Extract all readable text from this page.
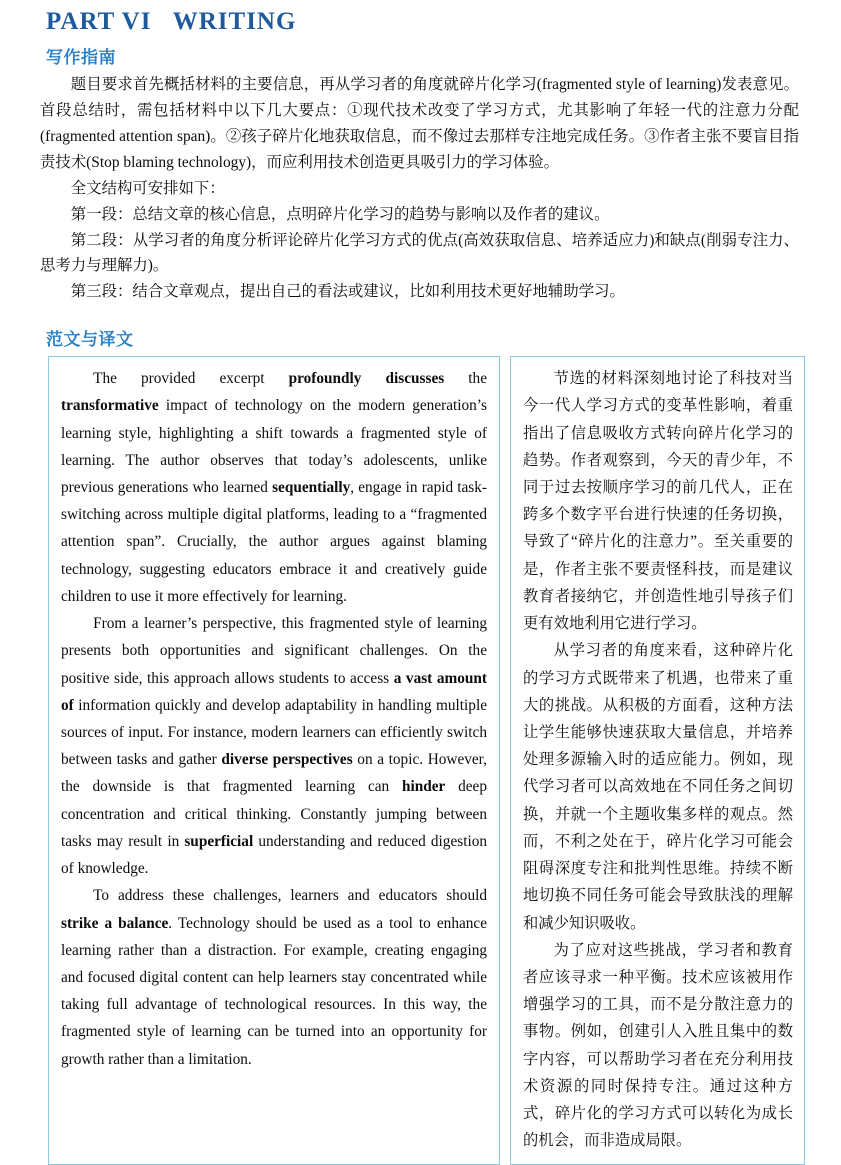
PART VI   WRITING
写作指南

题目要求首先概括材料的主要信息，再从学习者的角度就碎片化学习(fragmented style of learning)发表意见。首段总结时，需包括材料中以下几大要点：①现代技术改变了学习方式，尤其影响了年轻一代的注意力分配(fragmented attention span)。②孩子碎片化地获取信息，而不像过去那样专注地完成任务。③作者主张不要盲目指责技术(Stop blaming technology)，而应利用技术创造更具吸引力的学习体验。

全文结构可安排如下：

第一段：总结文章的核心信息，点明碎片化学习的趋势与影响以及作者的建议。

第二段：从学习者的角度分析评论碎片化学习方式的优点(高效获取信息、培养适应力)和缺点(削弱专注力、思考力与理解力)。

第三段：结合文章观点，提出自己的看法或建议，比如利用技术更好地辅助学习。

范文与译文

The provided excerpt profoundly discusses the transformative impact of technology on the modern generation’s learning style, highlighting a shift towards a fragmented style of learning. The author observes that today’s adolescents, unlike previous generations who learned sequentially, engage in rapid task-switching across multiple digital platforms, leading to a “fragmented attention span”. Crucially, the author argues against blaming technology, suggesting educators embrace it and creatively guide children to use it more effectively for learning.

From a learner’s perspective, this fragmented style of learning presents both opportunities and significant challenges. On the positive side, this approach allows students to access a vast amount of information quickly and develop adaptability in handling multiple sources of input. For instance, modern learners can efficiently switch between tasks and gather diverse perspectives on a topic. However, the downside is that fragmented learning can hinder deep concentration and critical thinking. Constantly jumping between tasks may result in superficial understanding and reduced digestion of knowledge.

To address these challenges, learners and educators should strike a balance. Technology should be used as a tool to enhance learning rather than a distraction. For example, creating engaging and focused digital content can help learners stay concentrated while taking full advantage of technological resources. In this way, the fragmented style of learning can be turned into an opportunity for growth rather than a limitation.

节选的材料深刻地讨论了科技对当今一代人学习方式的变革性影响，着重指出了信息吸收方式转向碎片化学习的趋势。作者观察到，今天的青少年，不同于过去按顺序学习的前几代人，正在跨多个数字平台进行快速的任务切换，导致了“碎片化的注意力”。至关重要的是，作者主张不要责怪科技，而是建议教育者接纳它，并创造性地引导孩子们更有效地利用它进行学习。

从学习者的角度来看，这种碎片化的学习方式既带来了机遇，也带来了重大的挑战。从积极的方面看，这种方法让学生能够快速获取大量信息，并培养处理多源输入时的适应能力。例如，现代学习者可以高效地在不同任务之间切换，并就一个主题收集多样的观点。然而，不利之处在于，碎片化学习可能会阻碍深度专注和批判性思维。持续不断地切换不同任务可能会导致肤浅的理解和减少知识吸收。

为了应对这些挑战，学习者和教育者应该寻求一种平衡。技术应该被用作增强学习的工具，而不是分散注意力的事物。例如，创建引人入胜且集中的数字内容，可以帮助学习者在充分利用技术资源的同时保持专注。通过这种方式，碎片化的学习方式可以转化为成长的机会，而非造成局限。
